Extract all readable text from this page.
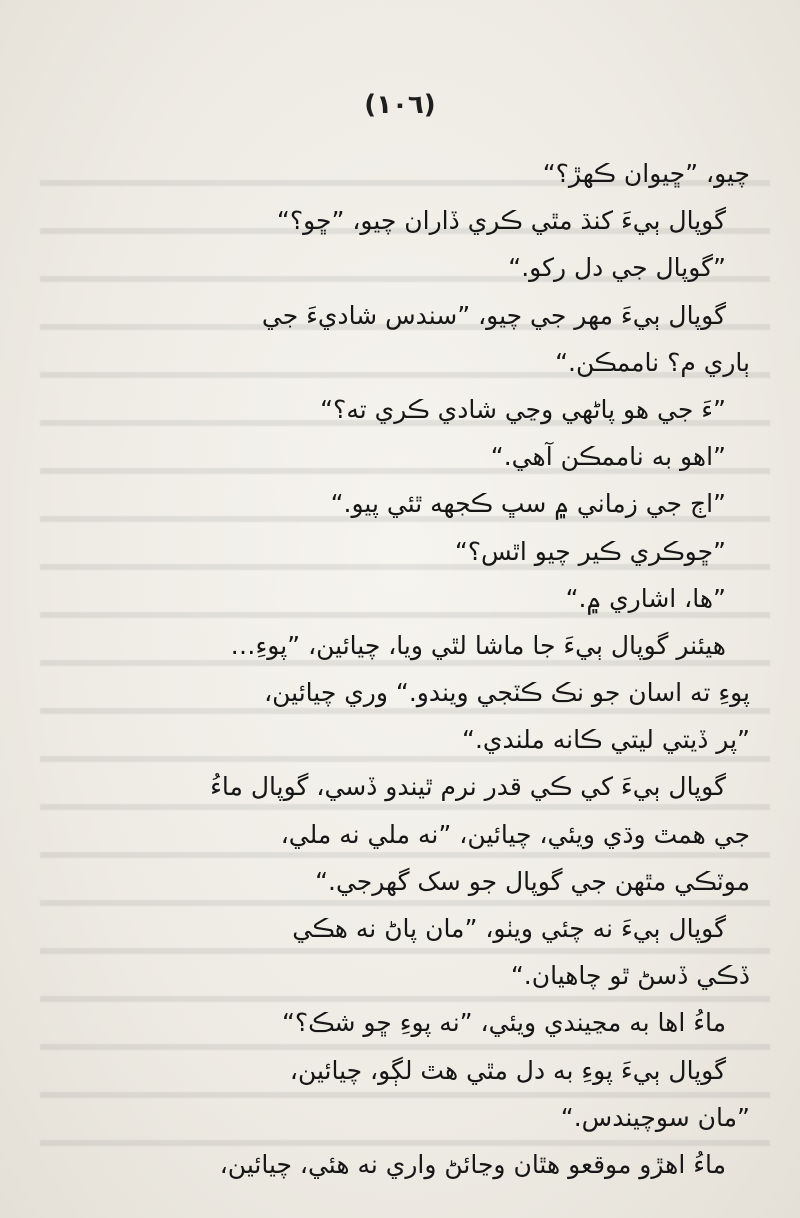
(١٠٦)
چيو، ”ڇيوان ڪهڙ؟“
گوپال ٻيءَ کنڌ مٿي ڪري ڏاران چيو، ”ڇو؟“
”گوپال جي دل رکو.“
گوپال ٻيءَ مهر جي چيو، ”سندس شاديءَ جي
ٻاري م؟ ناممڪن.“
”ءَ جي هو پاڻهي وڃي شادي ڪري ته؟“
”اهو به ناممڪن آهي.“
”اڄ جي زماني ۾ سڀ ڪجهه ٿئي پيو.“
”ڇوڪري ڪير چيو اٿس؟“
”ها، اشاري ۾.“
هيئنر گوپال ٻيءَ جا ماشا لٿي ويا، چيائين، ”پوءِ…
پوءِ ته اسان جو نڪ ڪٽجي ويندو.“ وري چيائين،
”پر ڏيتي ليتي ڪانه ملندي.“
گوپال ٻيءَ کي ڪي قدر نرم ٿيندو ڏسي، گوپال ماءُ
جي همٿ وڌي ويئي، چيائين، ”نه ملي نه ملي،
موٽڪي مٿهن جي گوپال جو سک گهرجي.“
گوپال ٻيءَ نه چئي ويٺو، ”مان پاڻ نه هڪي
ڏڪي ڏسڻ ٿو چاهيان.“
ماءُ اها به مڃيندي ويئي، ”نه پوءِ ڇو شڪ؟“
گوپال ٻيءَ پوءِ به دل مٿي هٿ لڳو، چيائين،
”مان سوچيندس.“
ماءُ اهڙو موقعو هٿان وڃائڻ واري نه هئي، چيائين،
